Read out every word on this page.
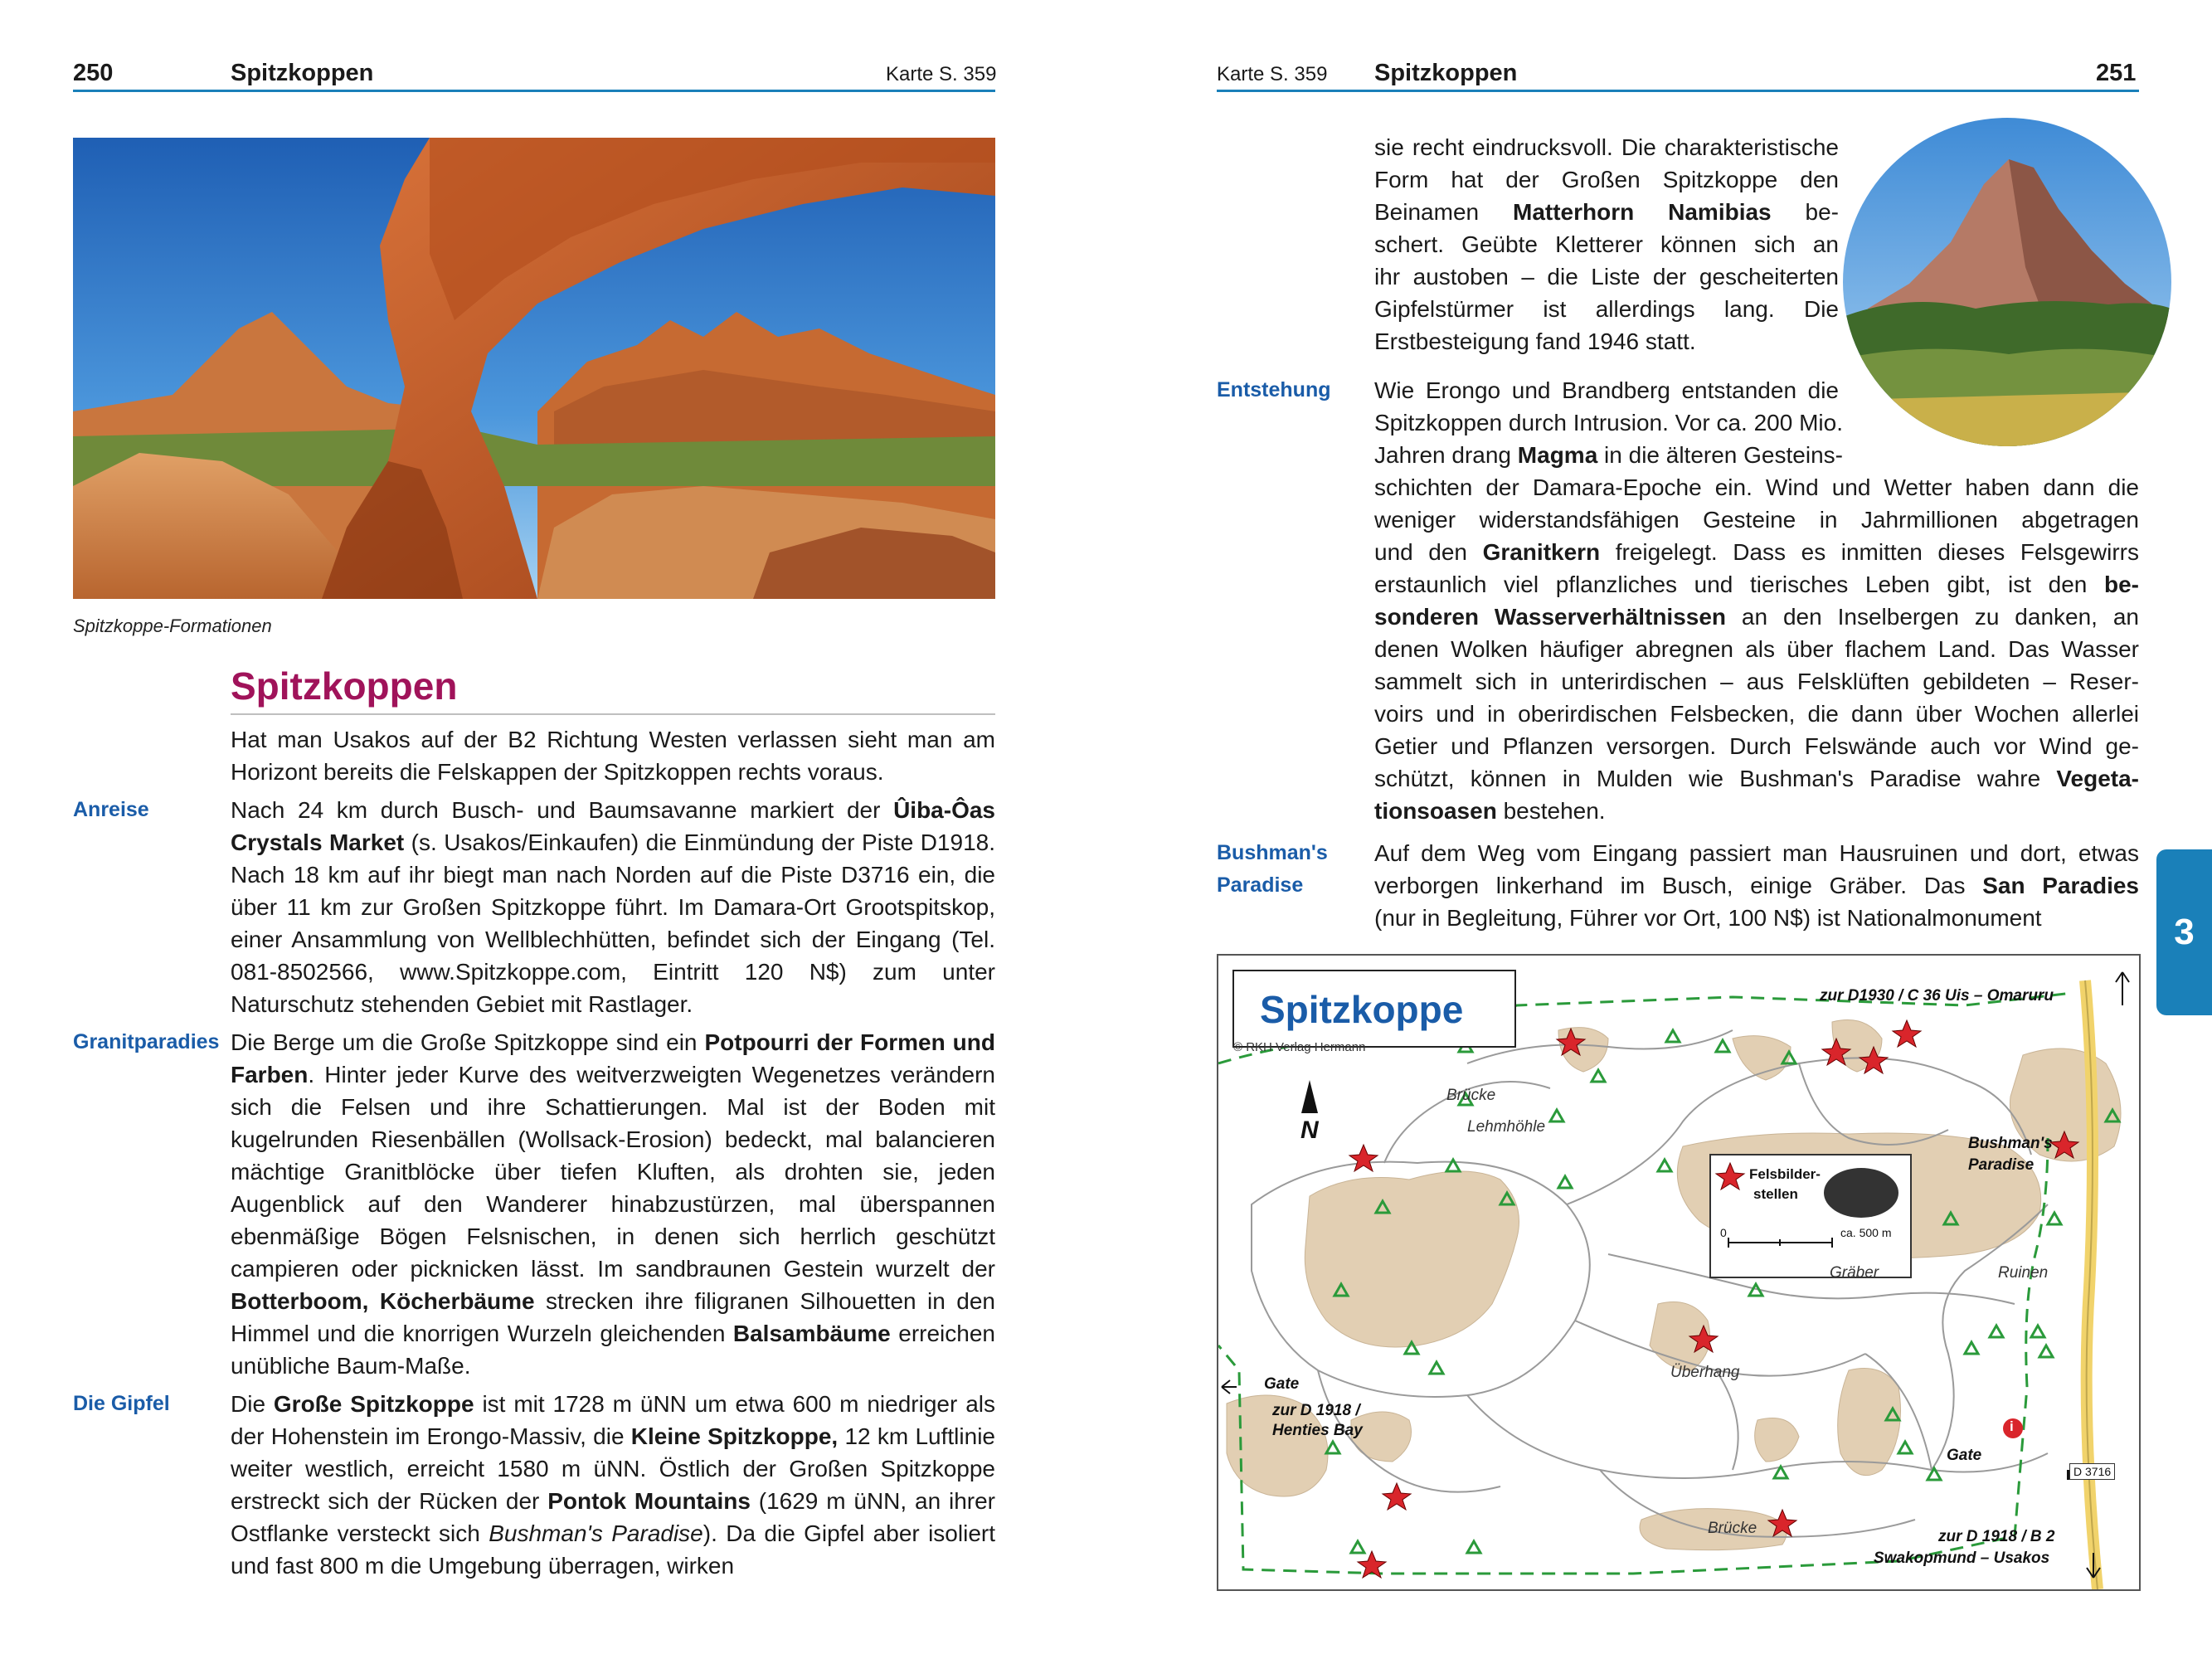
250	Spitzkoppen	Karte S. 359
Spitzkoppe-Formationen
Spitzkoppen
Hat man Usakos auf der B2 Richtung Westen verlassen sieht man am Horizont bereits die Felskappen der Spitzkoppen rechts voraus.
Anreise	Nach 24 km durch Busch- und Baumsavanne markiert der Ûiba-Ôas Crystals Market (s. Usakos/Einkaufen) die Einmündung der Piste D1918. Nach 18 km auf ihr biegt man nach Norden auf die Piste D3716 ein, die über 11 km zur Großen Spitzkoppe führt. Im Damara-Ort Grootspitskop, einer Ansammlung von Wellblechhütten, befindet sich der Eingang (Tel. 081-8502566, www.Spitzkoppe.com, Eintritt 120 N$) zum unter Naturschutz stehenden Gebiet mit Rastlager.
Granitparadies Die Berge um die Große Spitzkoppe sind ein Potpourri der Formen und Farben. Hinter jeder Kurve des weitverzweigten Wegenetzes verändern sich die Felsen und ihre Schattierungen. Mal ist der Boden mit kugelrunden Riesenbällen (Wollsack-Erosion) bedeckt, mal balancieren mächtige Granitblöcke über tiefen Kluften, als drohten sie, jeden Augenblick auf den Wanderer hinabzustürzen, mal überspannen ebenmäßige Bögen Felsnischen, in denen sich herrlich geschützt campieren oder picknicken lässt. Im sandbraunen Gestein wurzelt der Botterboom, Köcherbäume strecken ihre filigranen Silhouetten in den Himmel und die knorrigen Wurzeln gleichenden Balsambäume erreichen unübliche Baum-Maße.
Die Gipfel	Die Große Spitzkoppe ist mit 1728 m üNN um etwa 600 m niedriger als der Hohenstein im Erongo-Massiv, die Kleine Spitzkoppe, 12 km Luftlinie weiter westlich, erreicht 1580 m üNN. Östlich der Großen Spitzkoppe erstreckt sich der Rücken der Pontok Mountains (1629 m üNN, an ihrer Ostflanke versteckt sich Bushman's Paradise). Da die Gipfel aber isoliert und fast 800 m die Umgebung überragen, wirken
Karte S. 359 Spitzkoppen	251
sie recht eindrucksvoll. Die charakteristische
Form hat der Großen Spitzkoppe den
Beinamen Matterhorn Namibias be-
schert. Geübte Kletterer können sich an
ihr austoben – die Liste der gescheiterten
Gipfelstürmer ist allerdings lang. Die
Erstbesteigung fand 1946 statt.
Entstehung Wie Erongo und Brandberg entstanden die
Spitzkoppen durch Intrusion. Vor ca. 200 Mio.
Jahren drang Magma in die älteren Gesteins-
schichten der Damara-Epoche ein. Wind und Wetter haben dann die
weniger widerstandsfähigen Gesteine in Jahrmillionen abgetragen
und den Granitkern freigelegt. Dass es inmitten dieses Felsgewirrs
erstaunlich viel pflanzliches und tierisches Leben gibt, ist den be-
sonderen Wasserverhältnissen an den Inselbergen zu danken, an
denen Wolken häufiger abregnen als über flachem Land. Das Wasser
sammelt sich in unterirdischen – aus Felsklüften gebildeten – Reser-
voirs und in oberirdischen Felsbecken, die dann über Wochen allerlei
Getier und Pflanzen versorgen. Durch Felswände auch vor Wind ge-
schützt, können in Mulden wie Bushman's Paradise wahre Vegeta-
tionsoasen bestehen.
Bushman's
Paradise
Auf dem Weg vom Eingang passiert man Hausruinen und dort, etwas
verborgen linkerhand im Busch, einige Gräber. Das San Paradies
(nur in Begleitung, Führer vor Ort, 100 N$) ist Nationalmonument	3
N
Spitzkoppe
© RKH Verlag Hermann
zur D1930 / C 36 Uis – Omaruru
Brücke
Lehmhöhle
Bushman's
Paradise
Felsbilder-
stellen
0	ca. 500 m
Gräber	Ruinen
Überhang
Gate
zur D 1918 /
Henties Bay
Gate
D 3716
Brücke	zur D 1918 / B 2
Swakopmund – Usakos
i
